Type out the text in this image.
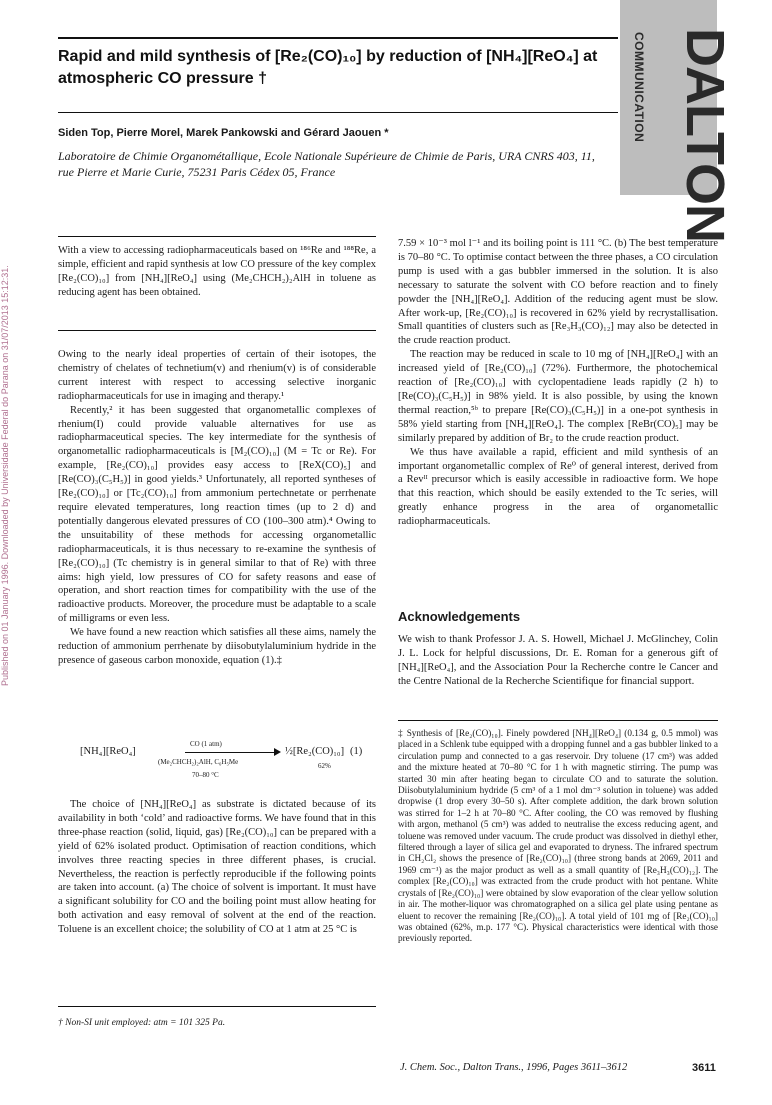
Rapid and mild synthesis of [Re₂(CO)₁₀] by reduction of [NH₄][ReO₄] at atmospheric CO pressure †
Siden Top, Pierre Morel, Marek Pankowski and Gérard Jaouen *
Laboratoire de Chimie Organométallique, Ecole Nationale Supérieure de Chimie de Paris, URA CNRS 403, 11, rue Pierre et Marie Curie, 75231 Paris Cédex 05, France
COMMUNICATION DALTON
Published on 01 January 1996. Downloaded by Universidade Federal do Parana on 31/07/2013 15:12:31.

With a view to accessing radiopharmaceuticals based on ¹⁸⁶Re and ¹⁸⁸Re, a simple, efficient and rapid synthesis at low CO pressure of the key complex [Re₂(CO)₁₀] from [NH₄][ReO₄] using (Me₂CHCH₂)₂AlH in toluene as reducing agent has been obtained.

Owing to the nearly ideal properties of certain of their isotopes, the chemistry of chelates of technetium(v) and rhenium(v) is of considerable current interest with respect to accessing selective inorganic radiopharmaceuticals for use in imaging and therapy.¹

Recently,² it has been suggested that organometallic complexes of rhenium(I) could provide valuable alternatives for use as radiopharmaceutical species. The key intermediate for the synthesis of organometallic radiopharmaceuticals is [M₂(CO)₁₀] (M = Tc or Re). For example, [Re₂(CO)₁₀] provides easy access to [ReX(CO)₅] and [Re(CO)₃(C₅H₅)] in good yields.³ Unfortunately, all reported syntheses of [Re₂(CO)₁₀] or [Tc₂(CO)₁₀] from ammonium pertechnetate or perrhenate require elevated temperatures, long reaction times (up to 2 d) and potentially dangerous elevated pressures of CO (100–300 atm).⁴ Owing to the unsuitability of these methods for accessing organometallic radiopharmaceuticals, it is thus necessary to re-examine the synthesis of [Re₂(CO)₁₀] (Tc chemistry is in general similar to that of Re) with three aims: high yield, low pressures of CO for safety reasons and ease of operation, and short reaction times for compatibility with the use of the radioactive products. Moreover, the procedure must be adaptable to a scale of milligrams or even less.

We have found a new reaction which satisfies all these aims, namely the reduction of ammonium perrhenate by diisobutylaluminium hydride in the presence of gaseous carbon monoxide, equation (1).‡

[NH₄][ReO₄]
CO (1 atm)
(Me₂CHCH₂)₂AlH, C₆H₅Me
70–80 °C
½[Re₂(CO)₁₀]
62%
(1)

The choice of [NH₄][ReO₄] as substrate is dictated because of its availability in both ‘cold’ and radioactive forms. We have found that in this three-phase reaction (solid, liquid, gas) [Re₂(CO)₁₀] can be prepared with a yield of 62% isolated product. Optimisation of reaction conditions, which involves three reacting species in three different phases, is crucial. Nevertheless, the reaction is perfectly reproducible if the following points are taken into account. (a) The choice of solvent is important. It must have a significant solubility for CO and the boiling point must allow heating for both activation and easy removal of solvent at the end of the reaction. Toluene is an excellent choice; the solubility of CO at 1 atm at 25 °C is

† Non-SI unit employed: atm = 101 325 Pa.

7.59 × 10⁻³ mol l⁻¹ and its boiling point is 111 °C. (b) The best temperature is 70–80 °C. To optimise contact between the three phases, a CO circulation pump is used with a gas bubbler immersed in the solution. It is also necessary to saturate the solvent with CO before reaction and to finely powder the [NH₄][ReO₄]. Addition of the reducing agent must be slow. After work-up, [Re₂(CO)₁₀] is recovered in 62% yield by recrystallisation. Small quantities of clusters such as [Re₃H₃(CO)₁₂] may also be detected in the crude reaction product.

The reaction may be reduced in scale to 10 mg of [NH₄][ReO₄] with an increased yield of [Re₂(CO)₁₀] (72%). Furthermore, the photochemical reaction of [Re₂(CO)₁₀] with cyclopentadiene leads rapidly (2 h) to [Re(CO)₃(C₅H₅)] in 98% yield. It is also possible, by using the known thermal reaction,⁵ᵇ to prepare [Re(CO)₃(C₅H₅)] in a one-pot synthesis in 58% yield starting from [NH₄][ReO₄]. The complex [ReBr(CO)₅] may be similarly prepared by addition of Br₂ to the crude reaction product.

We thus have available a rapid, efficient and mild synthesis of an important organometallic complex of Re⁰ of general interest, derived from a Reᴠᴵᴵ precursor which is easily accessible in radioactive form. We hope that this reaction, which should be easily extended to the Tc series, will greatly enhance progress in the area of organometallic radiopharmaceuticals.

Acknowledgements

We wish to thank Professor J. A. S. Howell, Michael J. McGlinchey, Colin J. L. Lock for helpful discussions, Dr. E. Roman for a generous gift of [NH₄][ReO₄], and the Association Pour la Recherche contre le Cancer and the Centre National de la Recherche Scientifique for financial support.

‡ Synthesis of [Re₂(CO)₁₀]. Finely powdered [NH₄][ReO₄] (0.134 g, 0.5 mmol) was placed in a Schlenk tube equipped with a dropping funnel and a gas bubbler linked to a circulation pump and connected to a gas reservoir. Dry toluene (17 cm³) was added and the mixture heated at 70–80 °C for 1 h with magnetic stirring. The pump was started 30 min after heating began to circulate CO and to saturate the solution. Diisobutylaluminium hydride (5 cm³ of a 1 mol dm⁻³ solution in toluene) was added dropwise (1 drop every 30–50 s). After complete addition, the dark brown solution was stirred for 1–2 h at 70–80 °C. After cooling, the CO was removed by flushing with argon, methanol (5 cm³) was added to neutralise the excess reducing agent, and toluene was removed under vacuum. The crude product was dissolved in diethyl ether, filtered through a layer of silica gel and evaporated to dryness. The infrared spectrum in CH₂Cl₂ shows the presence of [Re₂(CO)₁₀] (three strong bands at 2069, 2011 and 1969 cm⁻¹) as the major product as well as a small quantity of [Re₃H₃(CO)₁₂]. The complex [Re₂(CO)₁₀] was extracted from the crude product with hot pentane. White crystals of [Re₂(CO)₁₀] were obtained by slow evaporation of the clear yellow solution in air. The mother-liquor was chromatographed on a silica gel plate using pentane as eluent to recover the remaining [Re₂(CO)₁₀]. A total yield of 101 mg of [Re₂(CO)₁₀] was obtained (62%, m.p. 177 °C). Physical characteristics were identical with those previously reported.

J. Chem. Soc., Dalton Trans., 1996, Pages 3611–3612	3611
